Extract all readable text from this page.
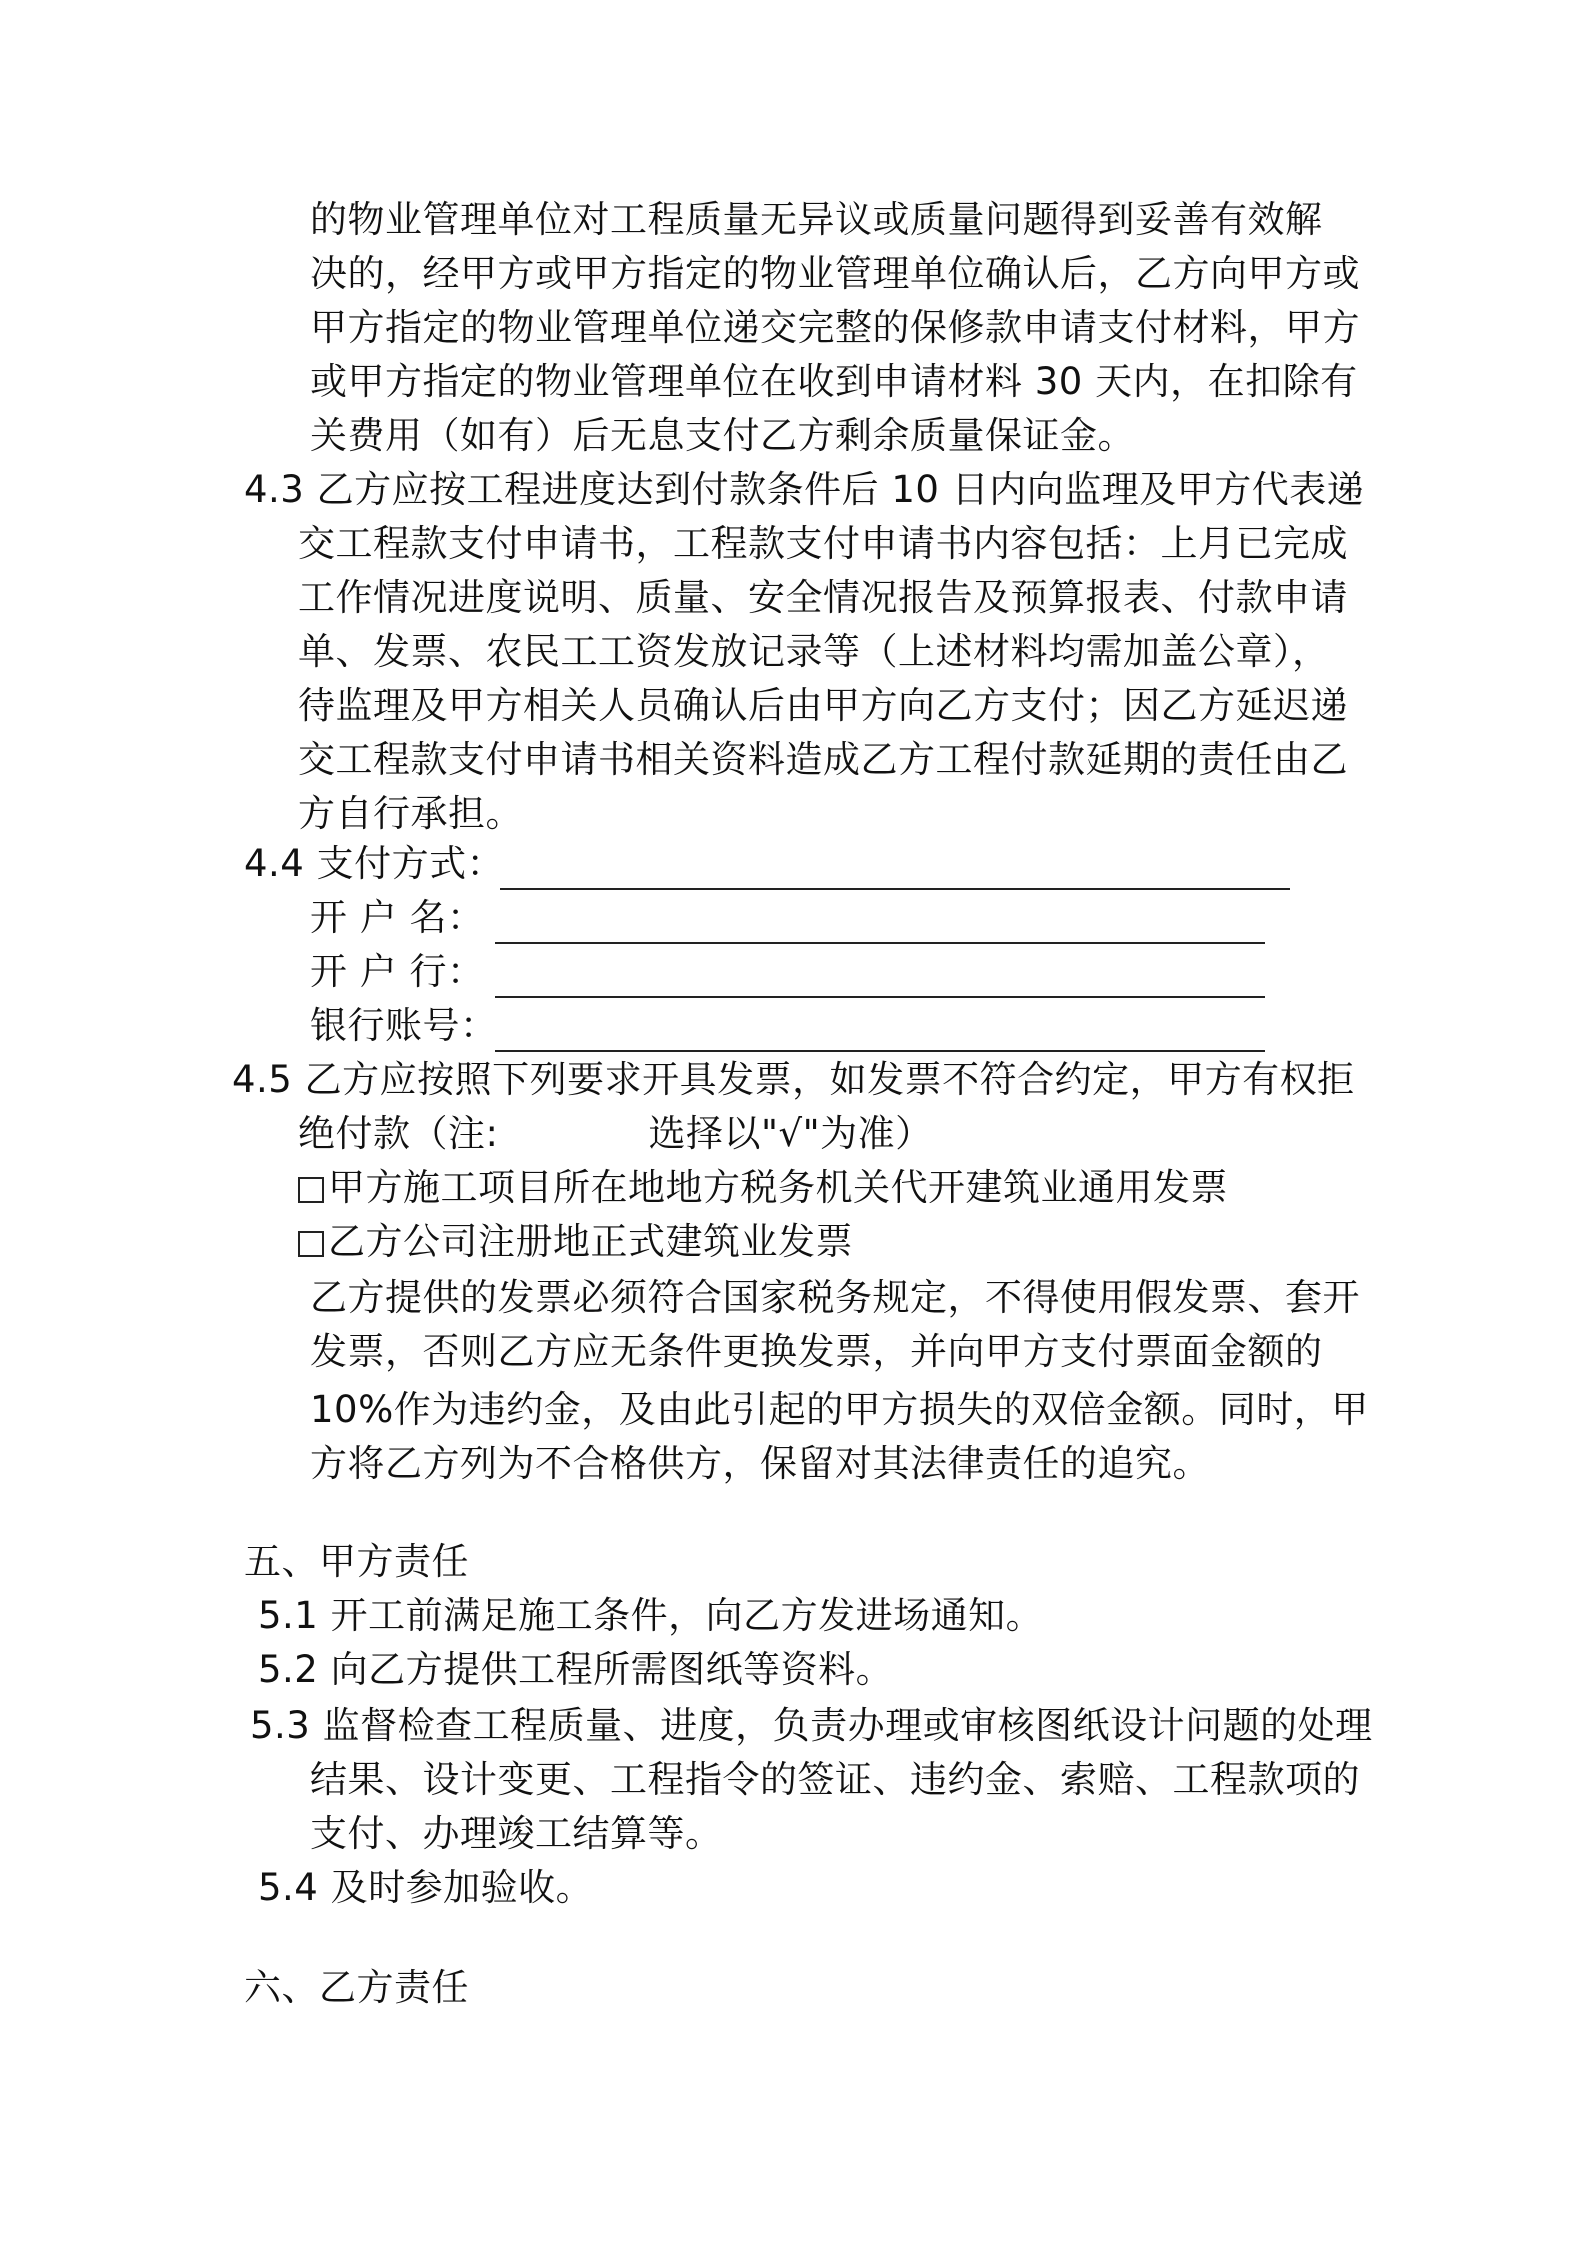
的物业管理单位对工程质量无异议或质量问题得到妥善有效解
决的，经甲方或甲方指定的物业管理单位确认后，乙方向甲方或
甲方指定的物业管理单位递交完整的保修款申请支付材料，甲方
或甲方指定的物业管理单位在收到申请材料 30 天内，在扣除有
关费用（如有）后无息支付乙方剩余质量保证金。
4.3 乙方应按工程进度达到付款条件后 10 日内向监理及甲方代表递
交工程款支付申请书，工程款支付申请书内容包括：上月已完成
工作情况进度说明、质量、安全情况报告及预算报表、付款申请
单、发票、农民工工资发放记录等（上述材料均需加盖公章），
待监理及甲方相关人员确认后由甲方向乙方支付；因乙方延迟递
交工程款支付申请书相关资料造成乙方工程付款延期的责任由乙
方自行承担。
4.4 支付方式：
开 户 名：
开 户 行：
银行账号：
4.5 乙方应按照下列要求开具发票，如发票不符合约定，甲方有权拒
绝付款（注:	选择以"√"为准）
甲方施工项目所在地地方税务机关代开建筑业通用发票
乙方公司注册地正式建筑业发票
乙方提供的发票必须符合国家税务规定，不得使用假发票、套开
发票，否则乙方应无条件更换发票，并向甲方支付票面金额的
10%作为违约金，及由此引起的甲方损失的双倍金额。同时，甲
方将乙方列为不合格供方，保留对其法律责任的追究。
五、甲方责任
5.1 开工前满足施工条件，向乙方发进场通知。
5.2 向乙方提供工程所需图纸等资料。
5.3 监督检查工程质量、进度，负责办理或审核图纸设计问题的处理
结果、设计变更、工程指令的签证、违约金、索赔、工程款项的
支付、办理竣工结算等。
5.4 及时参加验收。
六、乙方责任
